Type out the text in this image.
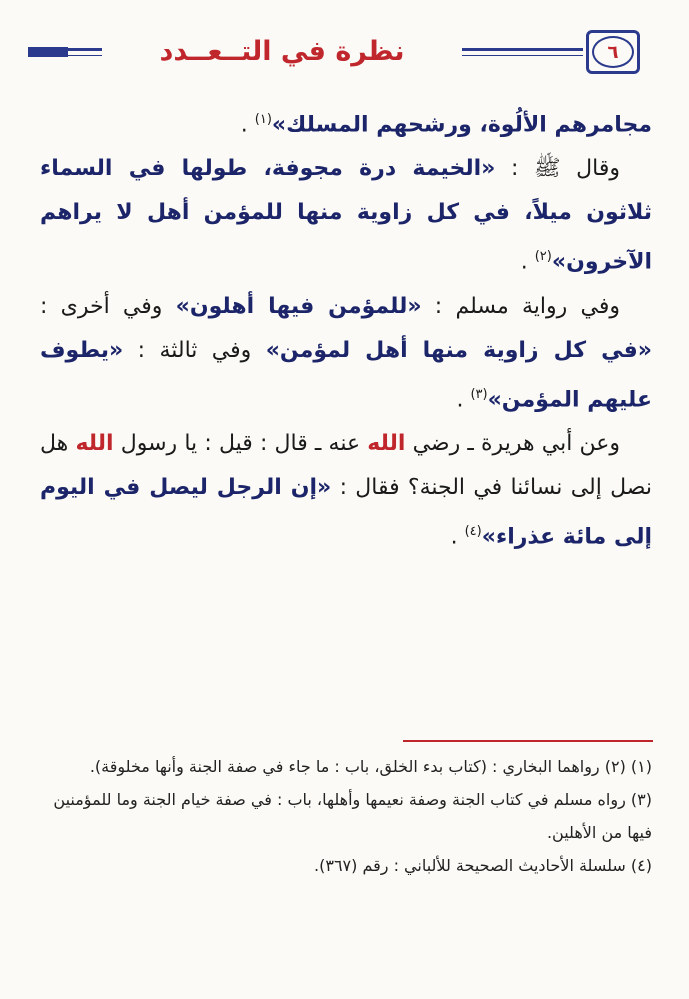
نظرة في التــعــدد	٦

مجامرهم الألُوة، ورشحهم المسلك»$^{(١)}$ .

وقال ﷺ : «الخيمة درة مجوفة، طولها في السماء ثلاثون ميلاً، في كل زاوية منها للمؤمن أهل لا يراهم الآخرون»$^{(٢)}$ .

وفي رواية مسلم : «للمؤمن فيها أهلون» وفي أخرى : «في كل زاوية منها أهل لمؤمن» وفي ثالثة : «يطوف عليهم المؤمن»$^{(٣)}$ .

وعن أبي هريرة ـ رضي الله عنه ـ قال : قيل : يا رسول الله هل نصل إلى نسائنا في الجنة؟ فقال : «إن الرجل ليصل في اليوم إلى مائة عذراء»$^{(٤)}$ .

(١) (٢) رواهما البخاري : (كتاب بدء الخلق، باب : ما جاء في صفة الجنة وأنها مخلوقة).

(٣) رواه مسلم في كتاب الجنة وصفة نعيمها وأهلها، باب : في صفة خيام الجنة وما للمؤمنين فيها من الأهلين.

(٤) سلسلة الأحاديث الصحيحة للألباني : رقم (٣٦٧).
